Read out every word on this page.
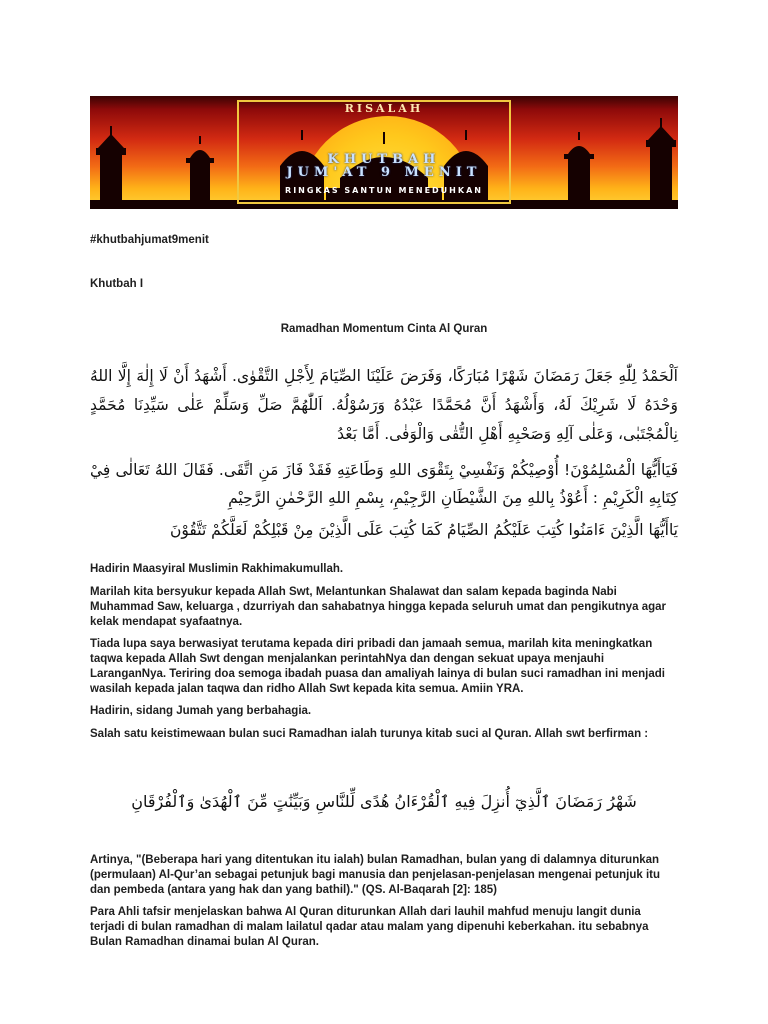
RISALAH
KHUTBAH
JUM'AT 9 MENIT
RINGKAS SANTUN MENEDUHKAN
#khutbahjumat9menit
Khutbah I
Ramadhan Momentum Cinta Al Quran
اَلْحَمْدُ لِلّٰهِ جَعَلَ رَمَضَانَ شَهْرًا مُبَارَكًا، وَفَرَضَ عَلَيْنَا الصِّيَامَ لِأَجْلِ التَّقْوٰى. أَشْهَدُ أَنْ لَا إِلٰهَ إِلَّا اللهُ وَحْدَهُ لَا شَرِيْكَ لَهُ، وَأَشْهَدُ أَنَّ مُحَمَّدًا عَبْدُهُ وَرَسُوْلُهُ. اَللّٰهُمَّ صَلِّ وَسَلِّمْ عَلٰى سَيِّدِنَا مُحَمَّدٍ نِالْمُجْتَبٰى، وَعَلٰى آلِهِ وَصَحْبِهِ أَهْلِ التُّقٰى وَالْوَفٰى. أَمَّا بَعْدُ
فَيَاأَيُّهَا الْمُسْلِمُوْنَ! أُوْصِيْكُمْ وَنَفْسِيْ بِتَقْوَى اللهِ وَطَاعَتِهِ فَقَدْ فَازَ مَنِ اتَّقَى. فَقَالَ اللهُ تَعَالٰى فِيْ كِتَابِهِ الْكَرِيْمِ : أَعُوْذُ بِاللهِ مِنَ الشَّيْطَانِ الرَّجِيْمِ، بِسْمِ اللهِ الرَّحْمٰنِ الرَّحِيْمِ
يَاأَيُّهَا الَّذِيْنَ ءَامَنُوا كُتِبَ عَلَيْكُمُ الصِّيَامُ كَمَا كُتِبَ عَلَى الَّذِيْنَ مِنْ قَبْلِكُمْ لَعَلَّكُمْ تَتَّقُوْنَ
Hadirin Maasyiral Muslimin Rakhimakumullah.
Marilah kita bersyukur kepada Allah Swt, Melantunkan Shalawat dan salam kepada baginda Nabi Muhammad Saw, keluarga , dzurriyah dan sahabatnya hingga kepada seluruh umat dan pengikutnya agar kelak mendapat syafaatnya.
Tiada lupa saya berwasiyat terutama kepada diri pribadi dan jamaah semua, marilah kita meningkatkan taqwa kepada Allah Swt dengan menjalankan perintahNya dan dengan sekuat upaya menjauhi LaranganNya. Teriring doa semoga ibadah puasa dan amaliyah lainya di bulan suci ramadhan ini menjadi wasilah kepada jalan taqwa dan ridho Allah Swt kepada kita semua. Amiin YRA.
Hadirin, sidang Jumah yang berbahagia.
Salah satu keistimewaan bulan suci Ramadhan ialah turunya kitab suci al Quran. Allah swt berfirman :
شَهْرُ رَمَضَانَ ٱلَّذِيٓ أُنزِلَ فِيهِ ٱلْقُرْءَانُ هُدًى لِّلنَّاسِ وَبَيِّنَٰتٍ مِّنَ ٱلْهُدَىٰ وَٱلْفُرْقَانِ
Artinya, "(Beberapa hari yang ditentukan itu ialah) bulan Ramadhan, bulan yang di dalamnya diturunkan (permulaan) Al-Qur’an sebagai petunjuk bagi manusia dan penjelasan-penjelasan mengenai petunjuk itu dan pembeda (antara yang hak dan yang bathil)." (QS. Al-Baqarah [2]: 185)
Para Ahli tafsir menjelaskan bahwa Al Quran diturunkan Allah dari lauhil mahfud menuju langit dunia terjadi di bulan ramadhan di malam lailatul qadar atau malam yang dipenuhi keberkahan. itu sebabnya Bulan Ramadhan dinamai bulan Al Quran.
